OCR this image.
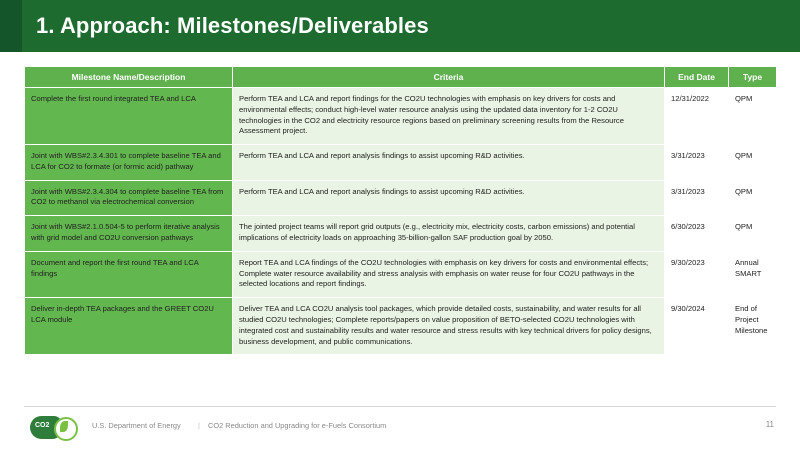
1. Approach: Milestones/Deliverables
Milestone Name/Description	Criteria	End Date	Type
Complete the first round integrated TEA and LCA	Perform TEA and LCA and report findings for the CO2U technologies with emphasis on key drivers for costs and environmental effects; conduct high-level water resource analysis using the updated data inventory for 1-2 CO2U technologies in the CO2 and electricity resource regions based on preliminary screening results from the Resource Assessment project.	12/31/2022	QPM
Joint with WBS#2.3.4.301 to complete baseline TEA and LCA for CO2 to formate (or formic acid) pathway	Perform TEA and LCA and report analysis findings to assist upcoming R&D activities.	3/31/2023	QPM
Joint with WBS#2.3.4.304 to complete baseline TEA from CO2 to methanol via electrochemical conversion	Perform TEA and LCA and report analysis findings to assist upcoming R&D activities.	3/31/2023	QPM
Joint with WBS#2.1.0.504-5 to perform iterative analysis with grid model and CO2U conversion pathways	The jointed project teams will report grid outputs (e.g., electricity mix, electricity costs, carbon emissions) and potential implications of electricity loads on approaching 35-billion-gallon SAF production goal by 2050.	6/30/2023	QPM
Document and report the first round TEA and LCA findings	Report TEA and LCA findings of the CO2U technologies with emphasis on key drivers for costs and environmental effects; Complete water resource availability and stress analysis with emphasis on water reuse for four CO2U pathways in the selected locations and report findings.	9/30/2023	Annual SMART
Deliver in-depth TEA packages and the GREET CO2U LCA module	Deliver TEA and LCA CO2U analysis tool packages, which provide detailed costs, sustainability, and water results for all studied CO2U technologies; Complete reports/papers on value proposition of BETO-selected CO2U technologies with integrated cost and sustainability results and water resource and stress results with key technical drivers for policy designs, business development, and public communications.	9/30/2024	End of Project Milestone
CO2	U.S. Department of Energy | CO2 Reduction and Upgrading for e-Fuels Consortium	11
